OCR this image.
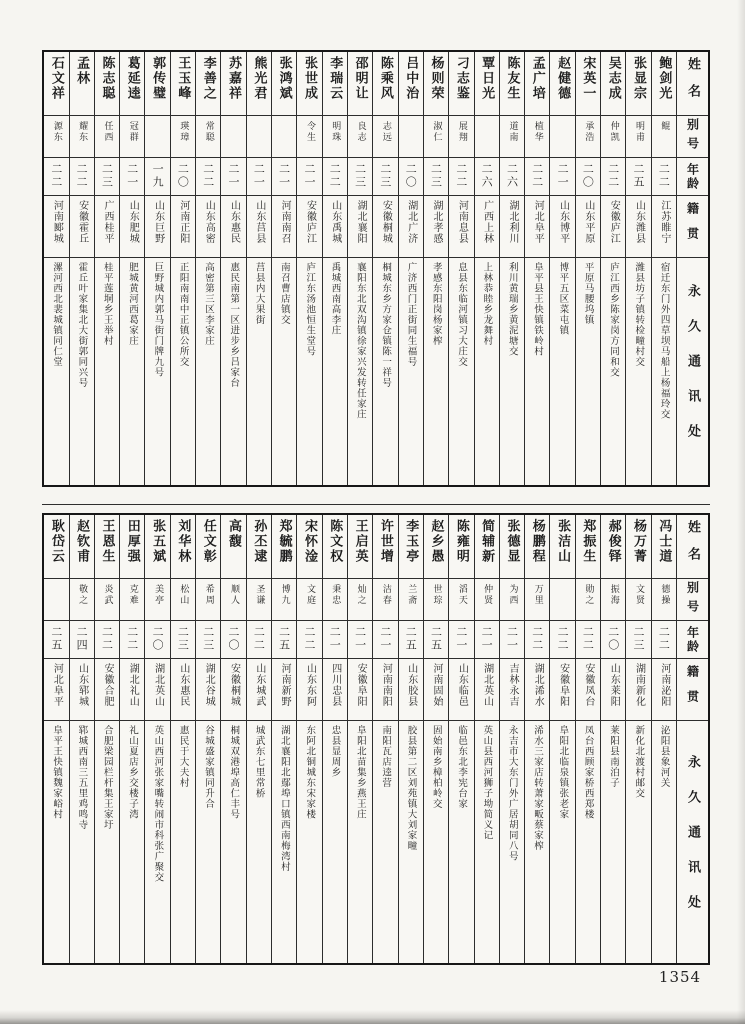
姓名
别号
年龄
籍贯
永久通讯处
鲍剑光
鲲
二二
江苏睢宁
宿迁东门外四草坝马船上杨福玲交
张显宗
明甫
二五
山东潍县
潍县坊子镇转检疃村交
吴志成
仲凯
二二
安徽庐江
庐江西乡陈家岗方同和交
宋英一
承浩
二〇
山东平原
平原马腰坞镇
赵健德
二一
山东博平
博平五区菜屯镇
孟广培
植华
二二
河北阜平
阜平县王快镇铁岭村
陈友生
道南
二六
湖北利川
利川黄瑞乡黄泥塘交
覃日光
二六
广西上林
上林恭睦乡龙舞村
刁志鉴
展翔
二二
河南息县
息县东临河镇习大庄交
杨则荣
淑仁
二三
湖北孝感
孝感东阳岗杨家榨
吕中治
二〇
湖北广济
广济西门正街同生福号
陈乘风
志远
二三
安徽桐城
桐城东乡方家仓镇陈一祥号
邵明让
良志
二三
湖北襄阳
襄阳东北双沟镇徐家兴发转任家庄
李瑞云
明珠
二二
山东禹城
禹城西南高李庄
张世成
令生
二一
安徽庐江
庐江东汤池恒生堂号
张鸿斌
二一
河南南召
南召曹店镇交
熊光君
二一
山东莒县
莒县内大果街
苏嘉祥
二一
山东惠民
惠民南第一区进步乡吕家台
李善之
常聪
二二
山东高密
高密第三区李家庄
王玉峰
瑛璋
二〇
河南正阳
正阳南南中正镇公所交
郭传璧
一九
山东巨野
巨野城内郭马街门牌九号
葛延逵
冠群
二一
山东肥城
肥城黄河西葛家庄
陈志聪
任西
二三
广西桂平
桂平莲垌乡王举村
孟林
耀东
二二
安徽霍丘
霍丘叶家集北大街郭同兴号
石文祥
源东
二二
河南郾城
漯河西北裴城镇同仁堂
姓名
别号
年龄
籍贯
永久通讯处
冯士道
德操
二二
河南泌阳
泌阳县象河关
杨万菁
文贤
二三
湖南新化
新化北渡村邮交
郝俊铎
振海
二〇
山东莱阳
莱阳县南泊子
郑振生
勋之
二二
安徽凤台
凤台西顾家桥西郑楼
张洁山
二二
安徽阜阳
阜阳北临泉镇张老家
杨鹏程
万里
二二
湖北浠水
浠水三家店转萧家畈蔡家榨
张德显
为西
二一
吉林永吉
永吉市大东门外广居胡同八号
简辅新
仲贤
二一
湖北英山
英山县西河狮子坳简义记
陈雍明
滔天
二一
山东临邑
临邑东北李宪台家
赵乡愚
世琮
二五
河南固始
固始南乡樟柏岭交
李玉亭
兰斋
二五
山东胶县
胶县第二区刘苑镇大刘家疃
许世增
洁春
二一
河南南阳
南阳瓦店逵营
王启英
灿之
二一
安徽阜阳
阜阳北苗集乡燕王庄
陈文权
秉忠
二一
四川忠县
忠县显周乡
宋怀淦
文庭
二二
山东东阿
东阿北铜城东宋家楼
郑毓鹏
博九
二五
河南新野
湖北襄阳北鄢埠口镇西南梅湾村
孙丕逮
圣谦
二二
山东城武
城武东七里常桥
高馥
顺人
二〇
安徽桐城
桐城双港埠高仁丰号
任文彰
希周
二三
湖北谷城
谷城盛家镇同升合
刘华林
松山
二三
山东惠民
惠民于大夫村
张五斌
美亭
二〇
湖北英山
英山西河张家嘴转闹市科张广聚交
田厚强
克难
二二
湖北礼山
礼山夏店乡交楼子湾
王恩生
炎武
二二
安徽合肥
合肥梁园栏杆集王家圩
赵钦甫
敬之
二四
山东郓城
郓城西南三五里鸡鸣寺
耿岱云
二五
河北阜平
阜平王快镇魏家峪村
1354
